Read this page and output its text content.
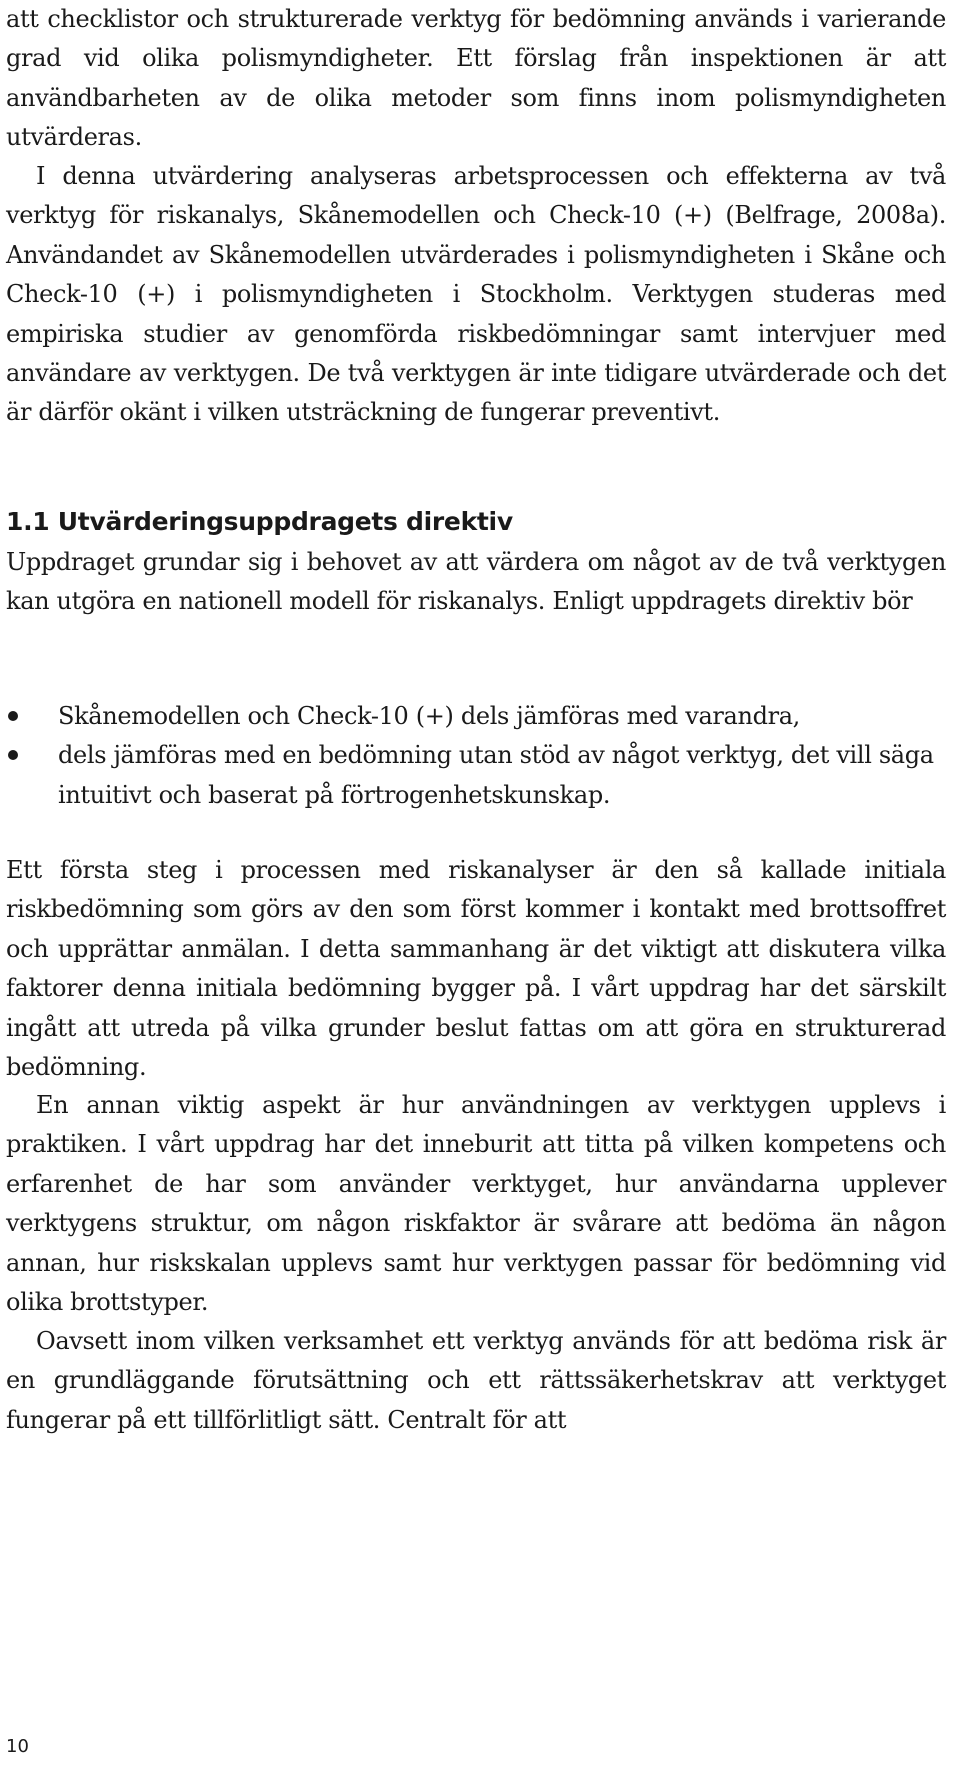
att checklistor och strukturerade verktyg för bedömning används i varierande grad vid olika polismyndigheter. Ett förslag från inspektionen är att användbarheten av de olika metoder som finns inom polismyndigheten utvärderas.

I denna utvärdering analyseras arbetsprocessen och effekterna av två verktyg för riskanalys, Skånemodellen och Check-10 (+) (Belfrage, 2008a). Användandet av Skånemodellen utvärderades i polismyndigheten i Skåne och Check-10 (+) i polismyndigheten i Stockholm. Verktygen studeras med empiriska studier av genomförda riskbedömningar samt intervjuer med användare av verktygen. De två verktygen är inte tidigare utvärderade och det är därför okänt i vilken utsträckning de fungerar preventivt.

1.1 Utvärderingsuppdragets direktiv

Uppdraget grundar sig i behovet av att värdera om något av de två verktygen kan utgöra en nationell modell för riskanalys. Enligt uppdragets direktiv bör

Skånemodellen och Check-10 (+) dels jämföras med varandra,
dels jämföras med en bedömning utan stöd av något verktyg, det vill säga intuitivt och baserat på förtrogenhetskunskap.

Ett första steg i processen med riskanalyser är den så kallade initiala riskbedömning som görs av den som först kommer i kontakt med brottsoffret och upprättar anmälan. I detta sammanhang är det viktigt att diskutera vilka faktorer denna initiala bedömning bygger på. I vårt uppdrag har det särskilt ingått att utreda på vilka grunder beslut fattas om att göra en strukturerad bedömning.

En annan viktig aspekt är hur användningen av verktygen upplevs i praktiken. I vårt uppdrag har det inneburit att titta på vilken kompetens och erfarenhet de har som använder verktyget, hur användarna upplever verktygens struktur, om någon riskfaktor är svårare att bedöma än någon annan, hur riskskalan upplevs samt hur verktygen passar för bedömning vid olika brottstyper.

Oavsett inom vilken verksamhet ett verktyg används för att bedöma risk är en grundläggande förutsättning och ett rättssäkerhetskrav att verktyget fungerar på ett tillförlitligt sätt. Centralt för att

10
